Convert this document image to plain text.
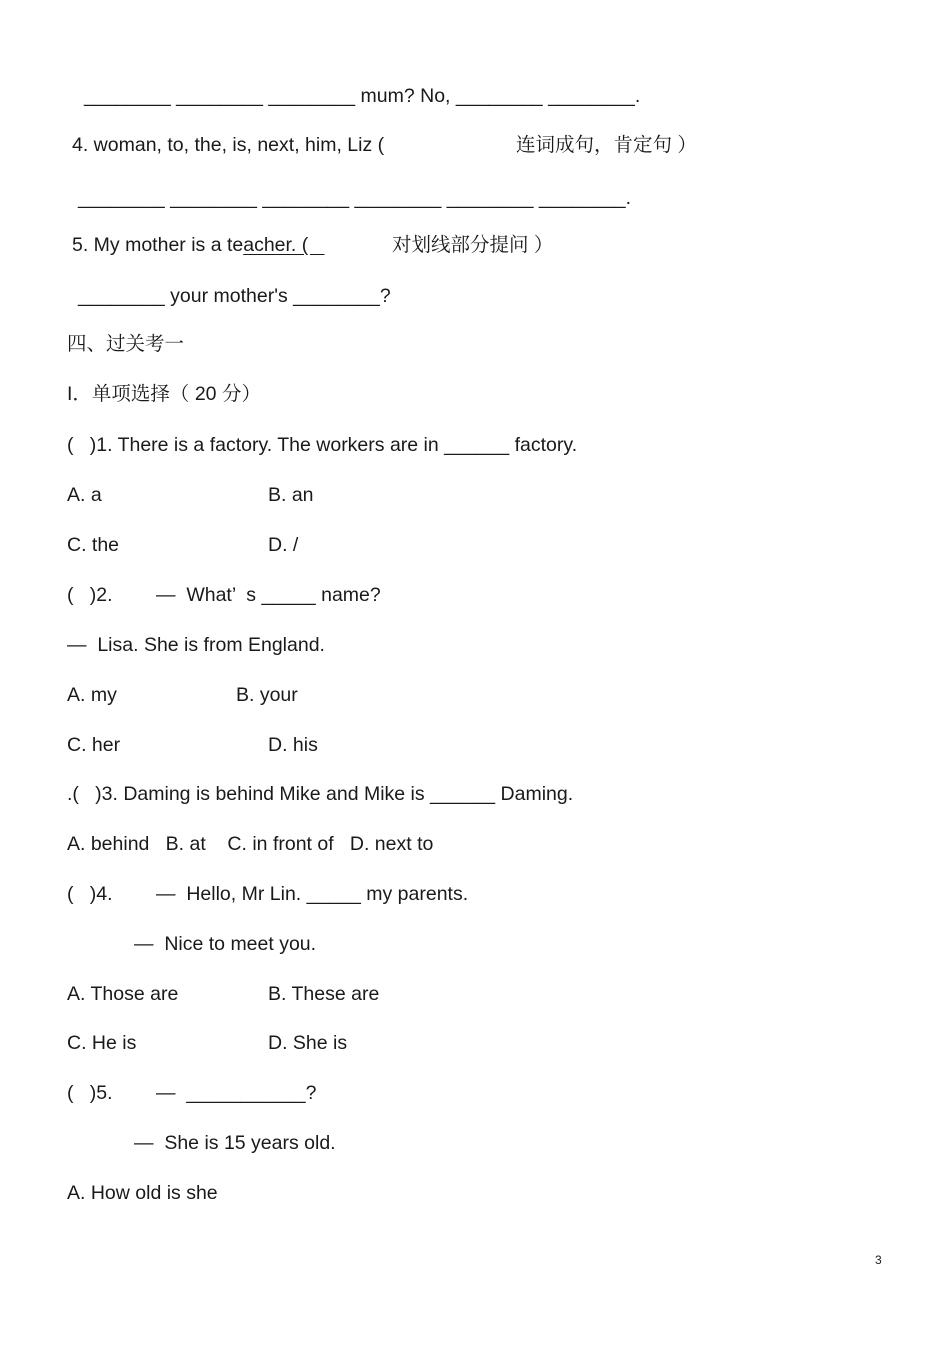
________ ________ ________ mum? No, ________ ________.
4. woman, to, the, is, next, him, Liz (	连词成句，肯定句 ）
________ ________ ________ ________ ________ ________.
5. My mother is a teacher. (	对划线部分提问 ）
________ your mother's ________?
四、过关考一
I．单项选择（ 20 分）
(   )1. There is a factory. The workers are in ______ factory.
A. a	B. an
C. the	D. /
(   )2. —  What’  s _____ name?
—  Lisa. She is from England.
A. my	B. your
C. her	D. his
.(   )3. Daming is behind Mike and Mike is ______ Daming.
A. behind   B. at    C. in front of   D. next to
(   )4. —  Hello, Mr Lin. _____ my parents.
—  Nice to meet you.
A. Those are	B. These are
C. He is	D. She is
(   )5. —  ___________?
—  She is 15 years old.
A. How old is she
3
